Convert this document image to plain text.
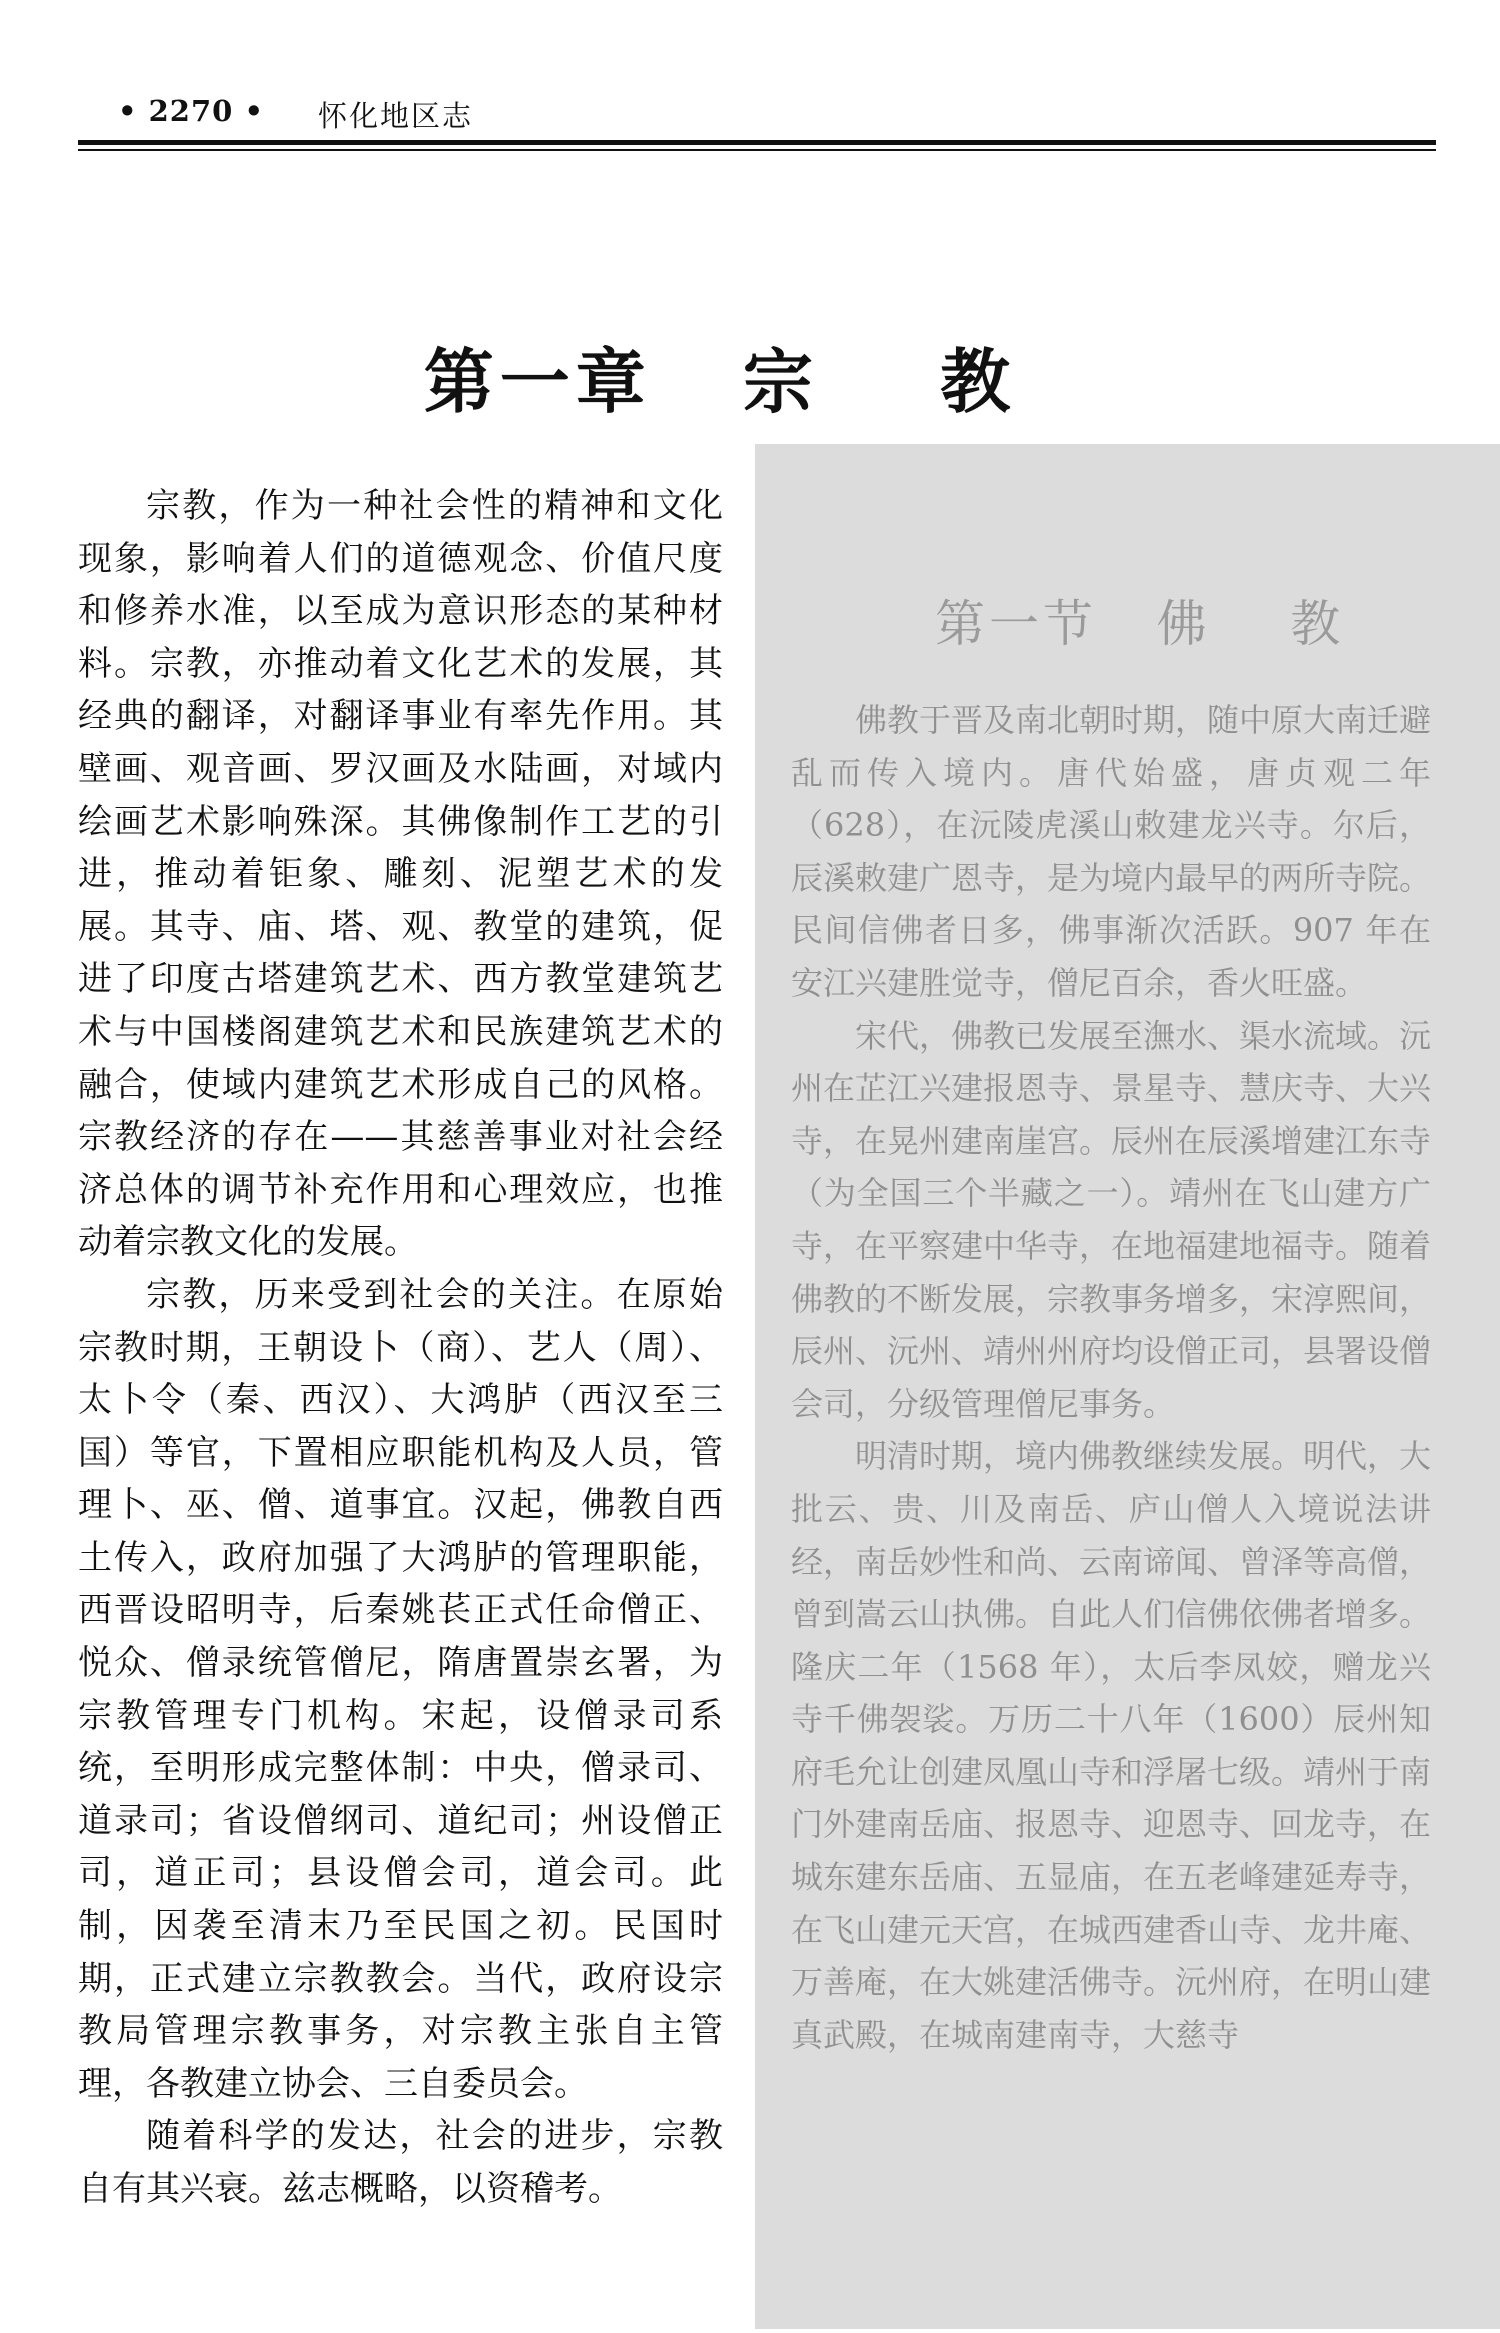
• 2270 • 怀化地区志
第一章   宗    教

宗教，作为一种社会性的精神和文化现象，影响着人们的道德观念、价值尺度和修养水准，以至成为意识形态的某种材料。宗教，亦推动着文化艺术的发展，其经典的翻译，对翻译事业有率先作用。其壁画、观音画、罗汉画及水陆画，对域内绘画艺术影响殊深。其佛像制作工艺的引进，推动着钜象、雕刻、泥塑艺术的发展。其寺、庙、塔、观、教堂的建筑，促进了印度古塔建筑艺术、西方教堂建筑艺术与中国楼阁建筑艺术和民族建筑艺术的融合，使域内建筑艺术形成自己的风格。宗教经济的存在——其慈善事业对社会经济总体的调节补充作用和心理效应，也推动着宗教文化的发展。

宗教，历来受到社会的关注。在原始宗教时期，王朝设卜（商）、艺人（周）、太卜令（秦、西汉）、大鸿胪（西汉至三国）等官，下置相应职能机构及人员，管理卜、巫、僧、道事宜。汉起，佛教自西土传入，政府加强了大鸿胪的管理职能，西晋设昭明寺，后秦姚苌正式任命僧正、悦众、僧录统管僧尼，隋唐置崇玄署，为宗教管理专门机构。宋起，设僧录司系统，至明形成完整体制：中央，僧录司、道录司；省设僧纲司、道纪司；州设僧正司，道正司；县设僧会司，道会司。此制，因袭至清末乃至民国之初。民国时期，正式建立宗教教会。当代，政府设宗教局管理宗教事务，对宗教主张自主管理，各教建立协会、三自委员会。

随着科学的发达，社会的进步，宗教自有其兴衰。兹志概略，以资稽考。

第一节   佛    教

佛教于晋及南北朝时期，随中原大南迁避乱而传入境内。唐代始盛，唐贞观二年（628），在沅陵虎溪山敕建龙兴寺。尔后，辰溪敕建广恩寺，是为境内最早的两所寺院。民间信佛者日多，佛事渐次活跃。907 年在安江兴建胜觉寺，僧尼百余，香火旺盛。

宋代，佛教已发展至潕水、渠水流域。沅州在芷江兴建报恩寺、景星寺、慧庆寺、大兴寺，在晃州建南崖宫。辰州在辰溪增建江东寺（为全国三个半藏之一）。靖州在飞山建方广寺，在平察建中华寺，在地福建地福寺。随着佛教的不断发展，宗教事务增多，宋淳熙间，辰州、沅州、靖州州府均设僧正司，县署设僧会司，分级管理僧尼事务。

明清时期，境内佛教继续发展。明代，大批云、贵、川及南岳、庐山僧人入境说法讲经，南岳妙性和尚、云南谛闻、曾泽等高僧，曾到嵩云山执佛。自此人们信佛依佛者增多。隆庆二年（1568 年），太后李凤姣，赠龙兴寺千佛袈裟。万历二十八年（1600）辰州知府毛允让创建凤凰山寺和浮屠七级。靖州于南门外建南岳庙、报恩寺、迎恩寺、回龙寺，在城东建东岳庙、五显庙，在五老峰建延寿寺，在飞山建元天宫，在城西建香山寺、龙井庵、万善庵，在大姚建活佛寺。沅州府，在明山建真武殿，在城南建南寺，大慈寺
